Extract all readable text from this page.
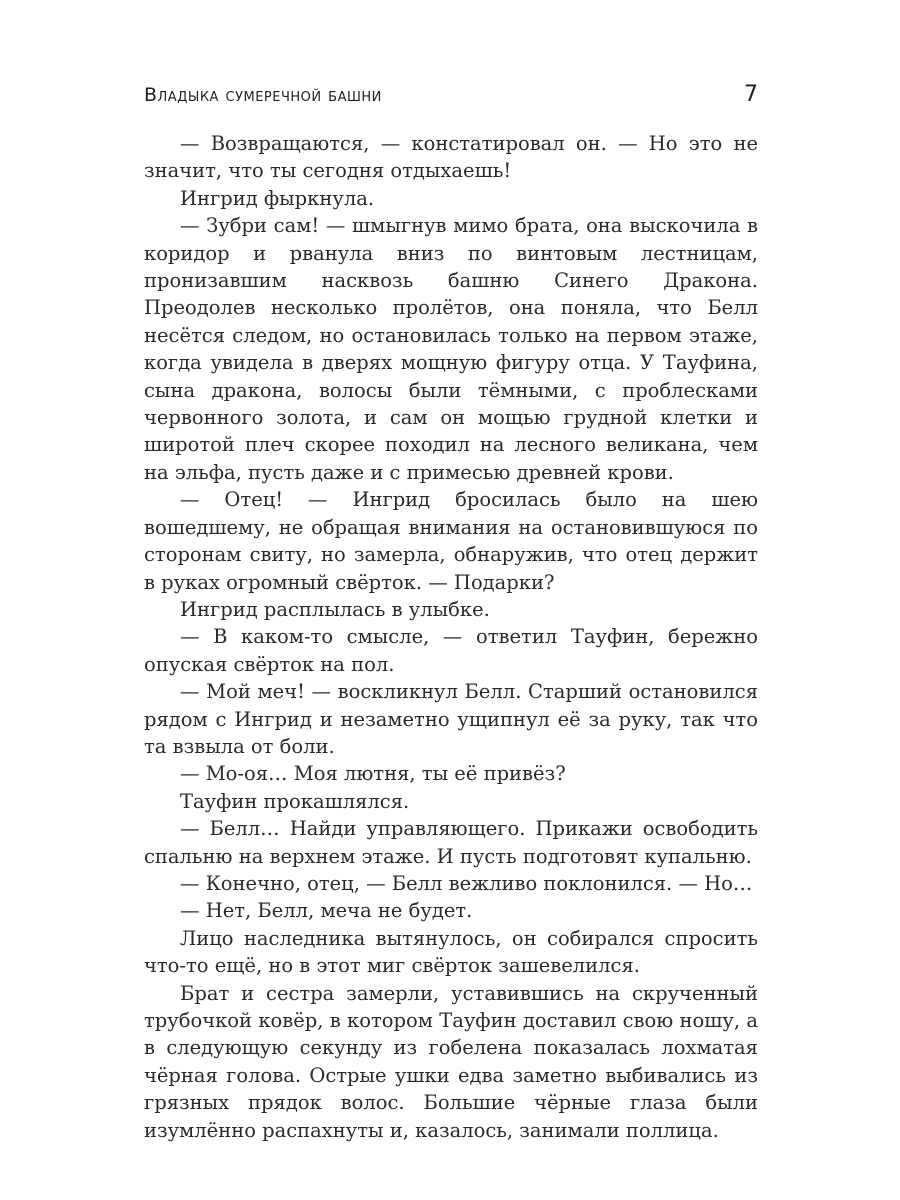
Владыка сумеречной башни	7

— Возвращаются, — констатировал он. — Но это не значит, что ты сегодня отдыхаешь!

Ингрид фыркнула.

— Зубри сам! — шмыгнув мимо брата, она выскочила в коридор и рванула вниз по винтовым лестницам, пронизавшим насквозь башню Синего Дракона. Преодолев несколько пролётов, она поняла, что Белл несётся следом, но остановилась только на первом этаже, когда увидела в дверях мощную фигуру отца. У Тауфина, сына дракона, волосы были тёмными, с проблесками червонного золота, и сам он мощью грудной клетки и широтой плеч скорее походил на лесного великана, чем на эльфа, пусть даже и с примесью древней крови.

— Отец! — Ингрид бросилась было на шею вошедшему, не обращая внимания на остановившуюся по сторонам свиту, но замерла, обнаружив, что отец держит в руках огромный свёрток. — Подарки?

Ингрид расплылась в улыбке.

— В каком-то смысле, — ответил Тауфин, бережно опуская свёрток на пол.

— Мой меч! — воскликнул Белл. Старший остановился рядом с Ингрид и незаметно ущипнул её за руку, так что та взвыла от боли.

— Мо-оя… Моя лютня, ты её привёз?

Тауфин прокашлялся.

— Белл… Найди управляющего. Прикажи освободить спальню на верхнем этаже. И пусть подготовят купальню.

— Конечно, отец, — Белл вежливо поклонился. — Но…

— Нет, Белл, меча не будет.

Лицо наследника вытянулось, он собирался спросить что-то ещё, но в этот миг свёрток зашевелился.

Брат и сестра замерли, уставившись на скрученный трубочкой ковёр, в котором Тауфин доставил свою ношу, а в следующую секунду из гобелена показалась лохматая чёрная голова. Острые ушки едва заметно выбивались из грязных прядок волос. Большие чёрные глаза были изумлённо распахнуты и, казалось, занимали поллица.
